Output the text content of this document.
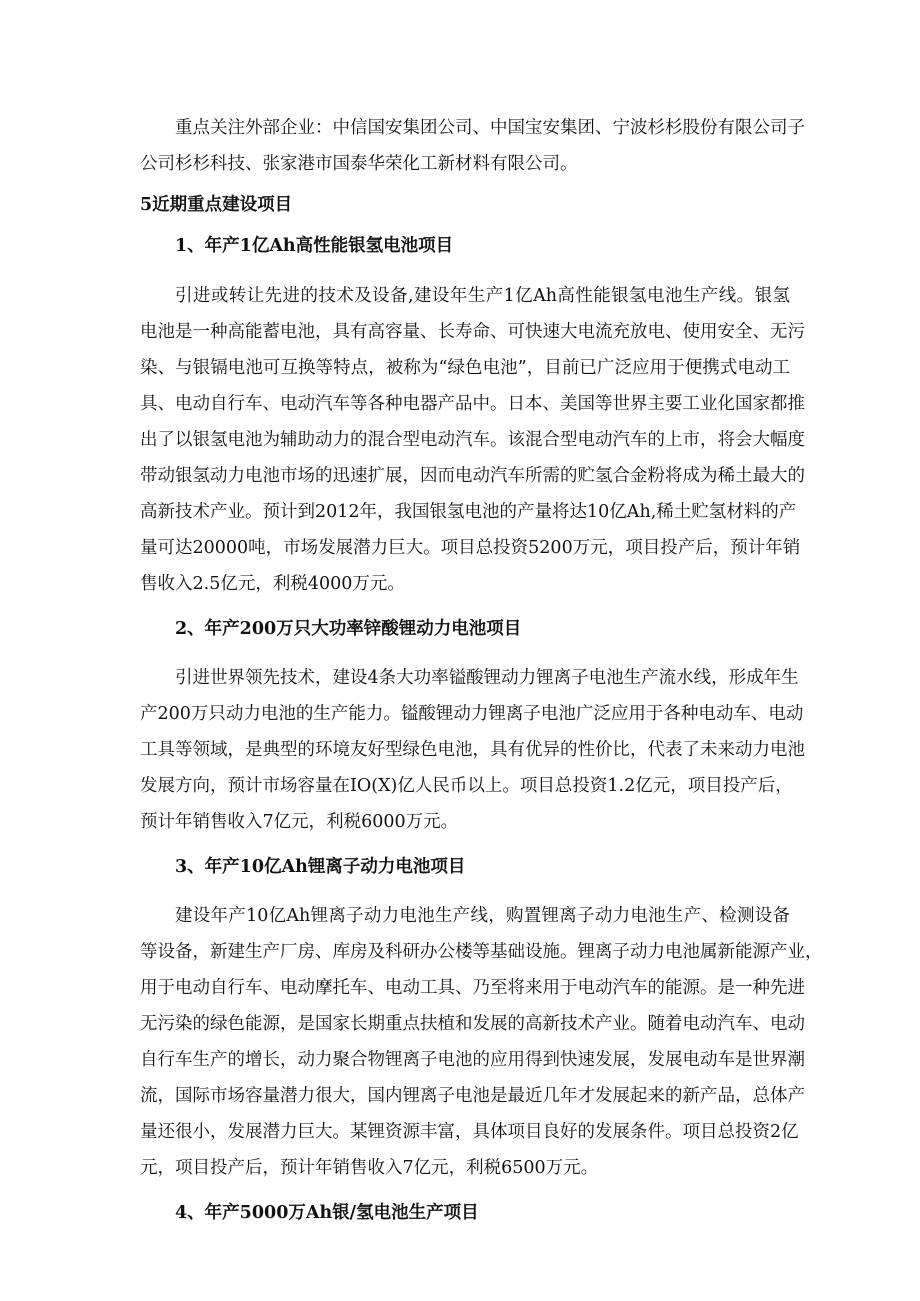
重点关注外部企业：中信国安集团公司、中国宝安集团、宁波杉杉股份有限公司子
公司杉杉科技、张家港市国泰华荣化工新材料有限公司。
5近期重点建设项目
1、年产1亿Ah高性能银氢电池项目
引进或转让先进的技术及设备,建设年生产1亿Ah高性能银氢电池生产线。银氢
电池是一种高能蓄电池，具有高容量、长寿命、可快速大电流充放电、使用安全、无污
染、与银镉电池可互换等特点，被称为“绿色电池”，目前已广泛应用于便携式电动工
具、电动自行车、电动汽车等各种电器产品中。日本、美国等世界主要工业化国家都推
出了以银氢电池为辅助动力的混合型电动汽车。该混合型电动汽车的上市，将会大幅度
带动银氢动力电池市场的迅速扩展，因而电动汽车所需的贮氢合金粉将成为稀土最大的
高新技术产业。预计到2012年，我国银氢电池的产量将达10亿Ah,稀土贮氢材料的产
量可达20000吨，市场发展潜力巨大。项目总投资5200万元，项目投产后，预计年销
售收入2.5亿元，利税4000万元。
2、年产200万只大功率锌酸锂动力电池项目
引进世界领先技术，建设4条大功率镒酸锂动力锂离子电池生产流水线，形成年生
产200万只动力电池的生产能力。镒酸锂动力锂离子电池广泛应用于各种电动车、电动
工具等领域，是典型的环境友好型绿色电池，具有优异的性价比，代表了未来动力电池
发展方向，预计市场容量在IO(X)亿人民币以上。项目总投资1.2亿元，项目投产后，
预计年销售收入7亿元，利税6000万元。
3、年产10亿Ah锂离子动力电池项目
建设年产10亿Ah锂离子动力电池生产线，购置锂离子动力电池生产、检测设备
等设备，新建生产厂房、库房及科研办公楼等基础设施。锂离子动力电池属新能源产业，
用于电动自行车、电动摩托车、电动工具、乃至将来用于电动汽车的能源。是一种先进
无污染的绿色能源，是国家长期重点扶植和发展的高新技术产业。随着电动汽车、电动
自行车生产的增长，动力聚合物锂离子电池的应用得到快速发展，发展电动车是世界潮
流，国际市场容量潜力很大，国内锂离子电池是最近几年才发展起来的新产品，总体产
量还很小，发展潜力巨大。某锂资源丰富，具体项目良好的发展条件。项目总投资2亿
元，项目投产后，预计年销售收入7亿元，利税6500万元。
4、年产5000万Ah银/氢电池生产项目
